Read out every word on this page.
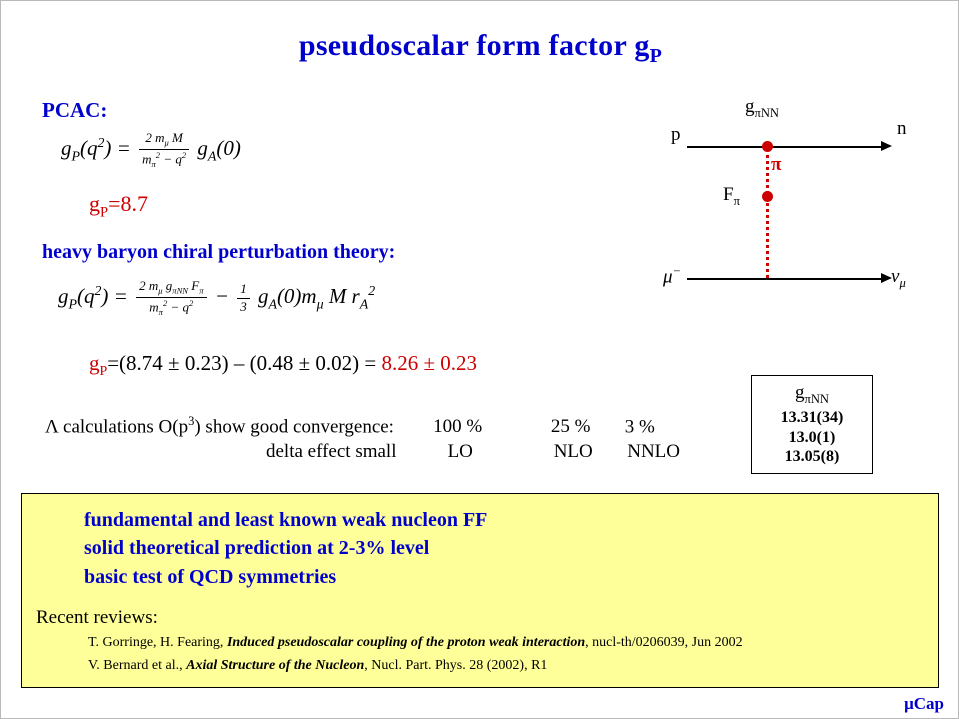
pseudoscalar form factor $g_P$
PCAC:
$g_P(q^2) = \frac{2 m_\mu M}{m_\pi^2 - q^2} g_A(0)$
$g_P=8.7$
heavy baryon chiral perturbation theory:
$g_P(q^2) = \frac{2 m_\mu g_{\pi NN} F_\pi}{m_\pi^2 - q^2} - \frac{1}{3} g_A(0)m_\mu$ M $r_A^2$
$g_P=(8.74 \pm 0.23) - (0.48 \pm 0.02) = 8.26 \pm 0.23$
Λ calculations $O(p^3)$ show good convergence: 100 %	25 % 3 %
delta effect small	LO	NLO NNLO
$g_{\pi NN}$
p	n
π
$F_\pi$
μ−	$\nu_\mu$
$g_{\pi NN}$
13.31(34)
13.0(1)
13.05(8)
fundamental and least known weak nucleon FF
solid theoretical prediction at 2-3% level
basic test of QCD symmetries
Recent reviews:
T. Gorringe, H. Fearing, Induced pseudoscalar coupling of the proton weak interaction, nucl-th/0206039, Jun 2002
V. Bernard et al., Axial Structure of the Nucleon, Nucl. Part. Phys. 28 (2002), R1
μCap
